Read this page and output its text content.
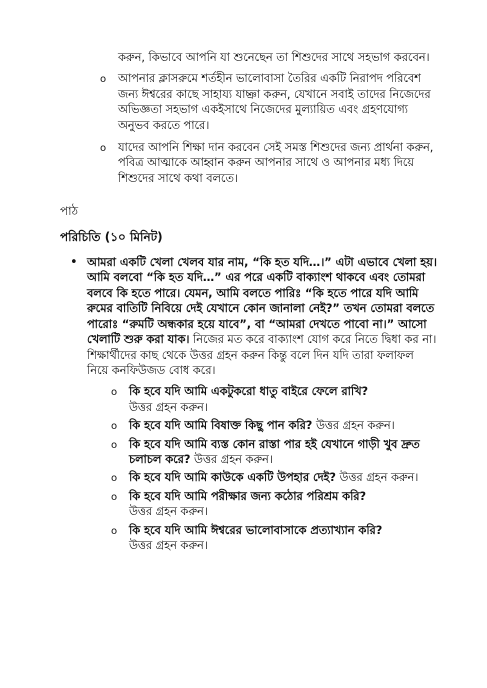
করুন, কিভাবে আপনি যা শুনেছেন তা শিশুদের সাথে সহভাগ করবেন।
o আপনার ক্লাসরুমে শর্তহীন ভালোবাসা তৈরির একটি নিরাপদ পরিবেশ জন্য ঈশ্বরের কাছে সাহায্য যাচ্ঞা করুন, যেখানে সবাই তাদের নিজেদের অভিজ্ঞতা সহভাগ একইসাথে নিজেদের মুল্যায়িত এবং গ্রহণযোগ্য অনুভব করতে পারে।
o যাদের আপনি শিক্ষা দান করবেন সেই সমস্ত শিশুদের জন্য প্রার্থনা করুন, পবিত্র আত্মাকে আহ্বান করুন আপনার সাথে ও আপনার মধ্য দিয়ে শিশুদের সাথে কথা বলতে।
পাঠ
পরিচিতি (১০ মিনিট)
• আমরা একটি খেলা খেলব যার নাম, “কি হত যদি…।” এটা এভাবে খেলা হয়। আমি বলবো “কি হত যদি…” এর পরে একটি বাক্যাংশ থাকবে এবং তোমরা বলবে কি হতে পারে। যেমন, আমি বলতে পারিঃ “কি হতে পারে যদি আমি রুমের বাতিটি নিবিয়ে দেই যেখানে কোন জানালা নেই?” তখন তোমরা বলতে পারোঃ “রুমটি অন্ধকার হয়ে যাবে”, বা “আমরা দেখতে পাবো না।” আসো খেলাটি শুরু করা যাক। নিজের মত করে বাক্যাংশ যোগ করে নিতে দ্বিধা কর না। শিক্ষার্থীদের কাছ থেকে উত্তর গ্রহন করুন কিন্তু বলে দিন যদি তারা ফলাফল নিয়ে কনফিউজড বোধ করে।
o কি হবে যদি আমি একটুকরো ধাতু বাইরে ফেলে রাখি?
উত্তর গ্রহন করুন।
o কি হবে যদি আমি বিষাক্ত কিছু পান করি? উত্তর গ্রহন করুন।
o কি হবে যদি আমি ব্যস্ত কোন রাস্তা পার হই যেখানে গাড়ী খুব দ্রুত চলাচল করে? উত্তর গ্রহন করুন।
o কি হবে যদি আমি কাউকে একটি উপহার দেই? উত্তর গ্রহন করুন।
o কি হবে যদি আমি পরীক্ষার জন্য কঠোর পরিশ্রম করি?
উত্তর গ্রহন করুন।
o কি হবে যদি আমি ঈশ্বরের ভালোবাসাকে প্রত্যাখ্যান করি?
উত্তর গ্রহন করুন।
